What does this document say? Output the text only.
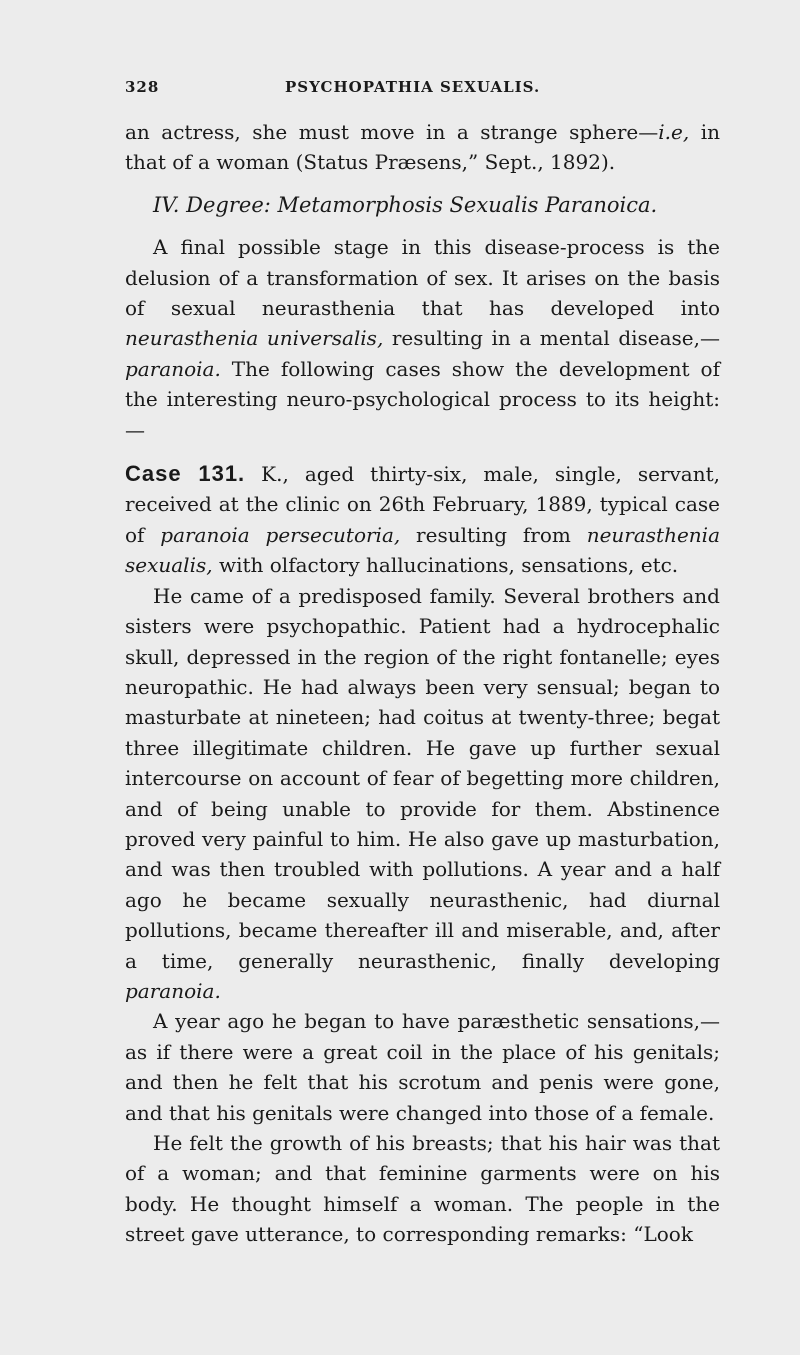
328	PSYCHOPATHIA SEXUALIS.

an actress, she must move in a strange sphere—i.e, in that of a woman (Status Præsens,” Sept., 1892).

IV. Degree: Metamorphosis Sexualis Paranoica.

A final possible stage in this disease-process is the delusion of a transformation of sex. It arises on the basis of sexual neurasthenia that has developed into neurasthenia universalis, resulting in a mental disease,—paranoia. The following cases show the development of the interesting neuro-psychological process to its height:—

Case 131. K., aged thirty-six, male, single, servant, received at the clinic on 26th February, 1889, typical case of paranoia persecutoria, resulting from neurasthenia sexualis, with olfactory hallucinations, sensations, etc.

He came of a predisposed family. Several brothers and sisters were psychopathic. Patient had a hydrocephalic skull, depressed in the region of the right fontanelle; eyes neuropathic. He had always been very sensual; began to masturbate at nineteen; had coitus at twenty-three; begat three illegitimate children. He gave up further sexual intercourse on account of fear of begetting more children, and of being unable to provide for them. Abstinence proved very painful to him. He also gave up masturbation, and was then troubled with pollutions. A year and a half ago he became sexually neurasthenic, had diurnal pollutions, became thereafter ill and miserable, and, after a time, generally neurasthenic, finally developing paranoia.

A year ago he began to have paræsthetic sensations,—as if there were a great coil in the place of his genitals; and then he felt that his scrotum and penis were gone, and that his genitals were changed into those of a female.

He felt the growth of his breasts; that his hair was that of a woman; and that feminine garments were on his body. He thought himself a woman. The people in the street gave utterance, to corresponding remarks: “Look
